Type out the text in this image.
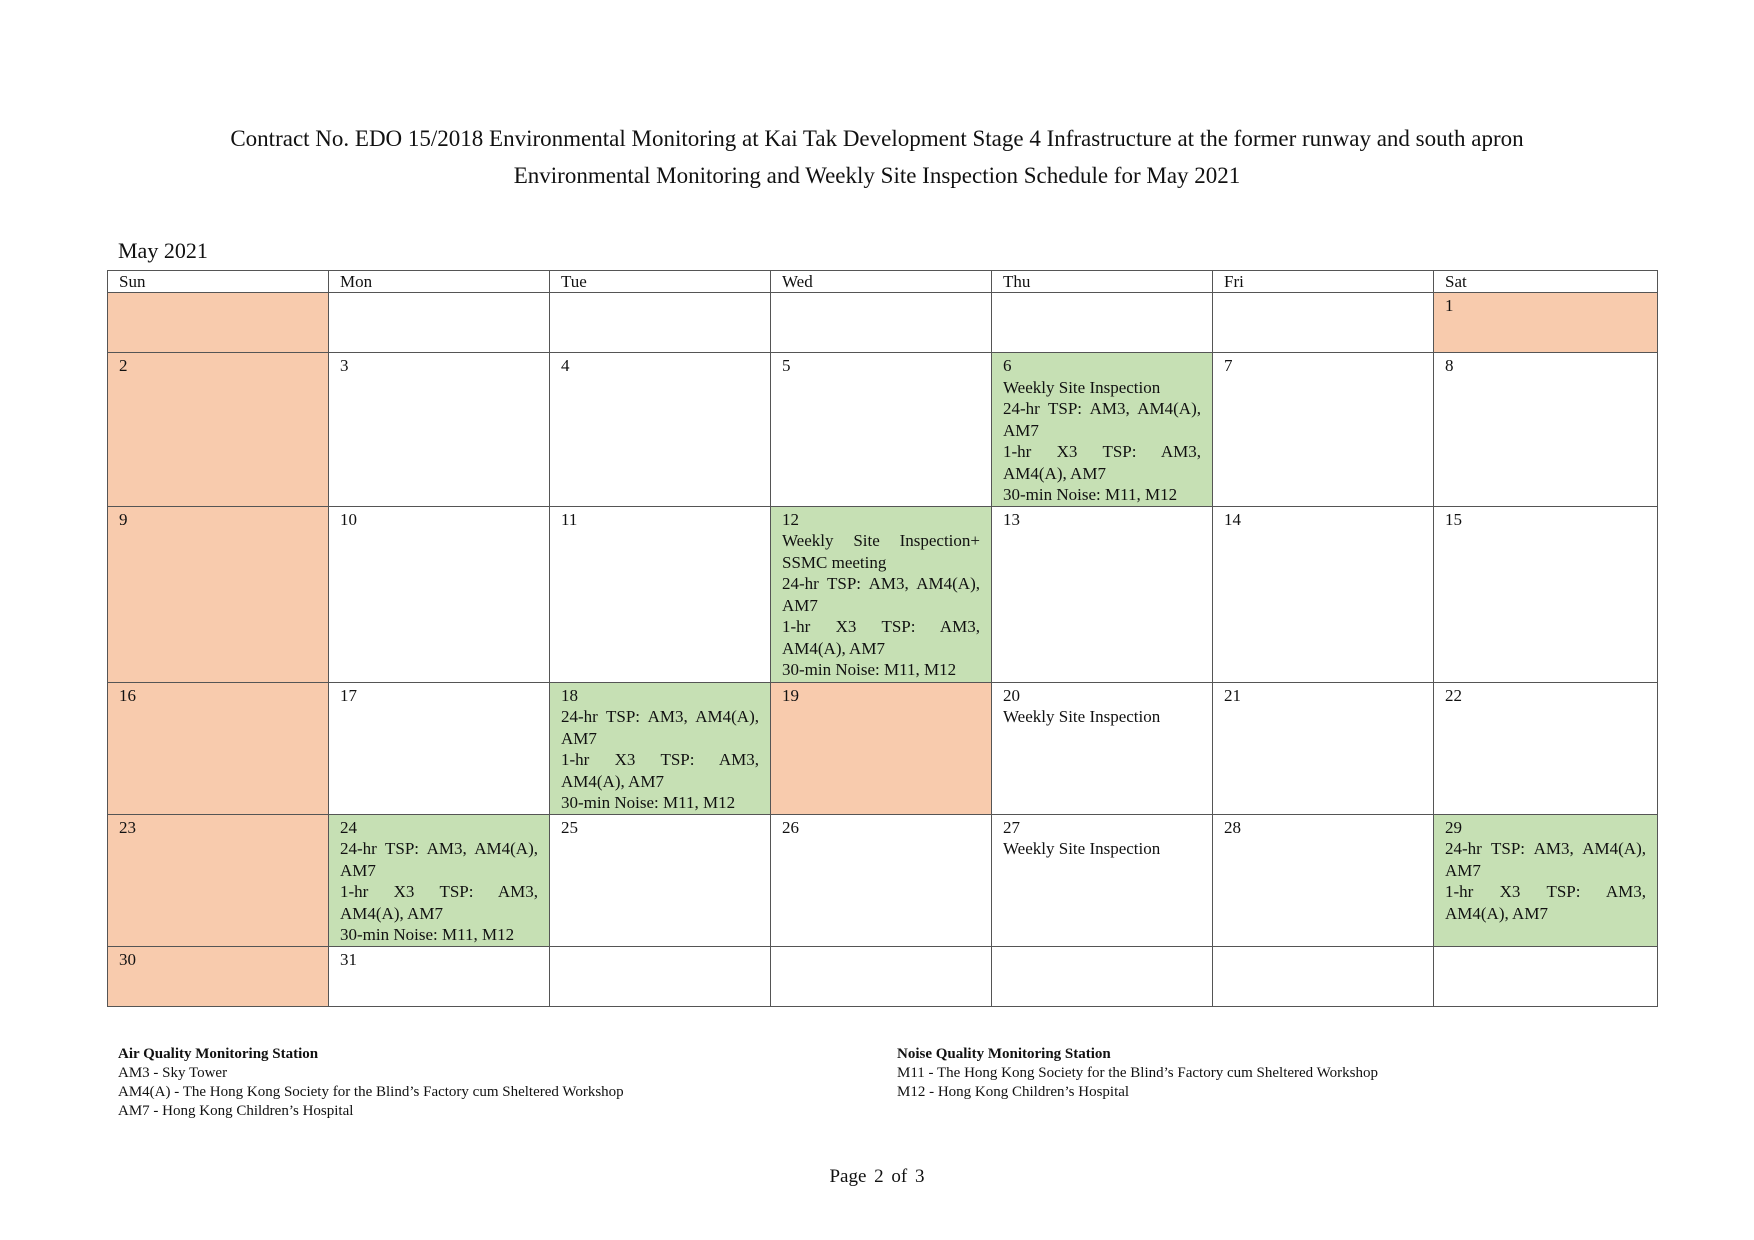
Contract No. EDO 15/2018 Environmental Monitoring at Kai Tak Development Stage 4 Infrastructure at the former runway and south apron
Environmental Monitoring and Weekly Site Inspection Schedule for May 2021
May 2021
Sun	Mon	Tue	Wed	Thu	Fri	Sat

						1

2	3	4	5	6
Weekly Site Inspection
24-hr TSP: AM3, AM4(A), AM7
1-hr X3 TSP: AM3, AM4(A), AM7
30-min Noise: M11, M12	7	8

9	10	11	12
Weekly Site Inspection+ SSMC meeting
24-hr TSP: AM3, AM4(A), AM7
1-hr X3 TSP: AM3, AM4(A), AM7
30-min Noise: M11, M12	13	14	15

16	17	18
24-hr TSP: AM3, AM4(A), AM7
1-hr X3 TSP: AM3, AM4(A), AM7
30-min Noise: M11, M12	19	20
Weekly Site Inspection	21	22

23	24
24-hr TSP: AM3, AM4(A), AM7
1-hr X3 TSP: AM3, AM4(A), AM7
30-min Noise: M11, M12	25	26	27
Weekly Site Inspection	28	29
24-hr TSP: AM3, AM4(A), AM7
1-hr X3 TSP: AM3, AM4(A), AM7

30	31					

Air Quality Monitoring Station
AM3 - Sky Tower
AM4(A) - The Hong Kong Society for the Blind’s Factory cum Sheltered Workshop
AM7 - Hong Kong Children’s Hospital
Noise Quality Monitoring Station
M11 - The Hong Kong Society for the Blind’s Factory cum Sheltered Workshop
M12 - Hong Kong Children’s Hospital
Page 2 of 3
